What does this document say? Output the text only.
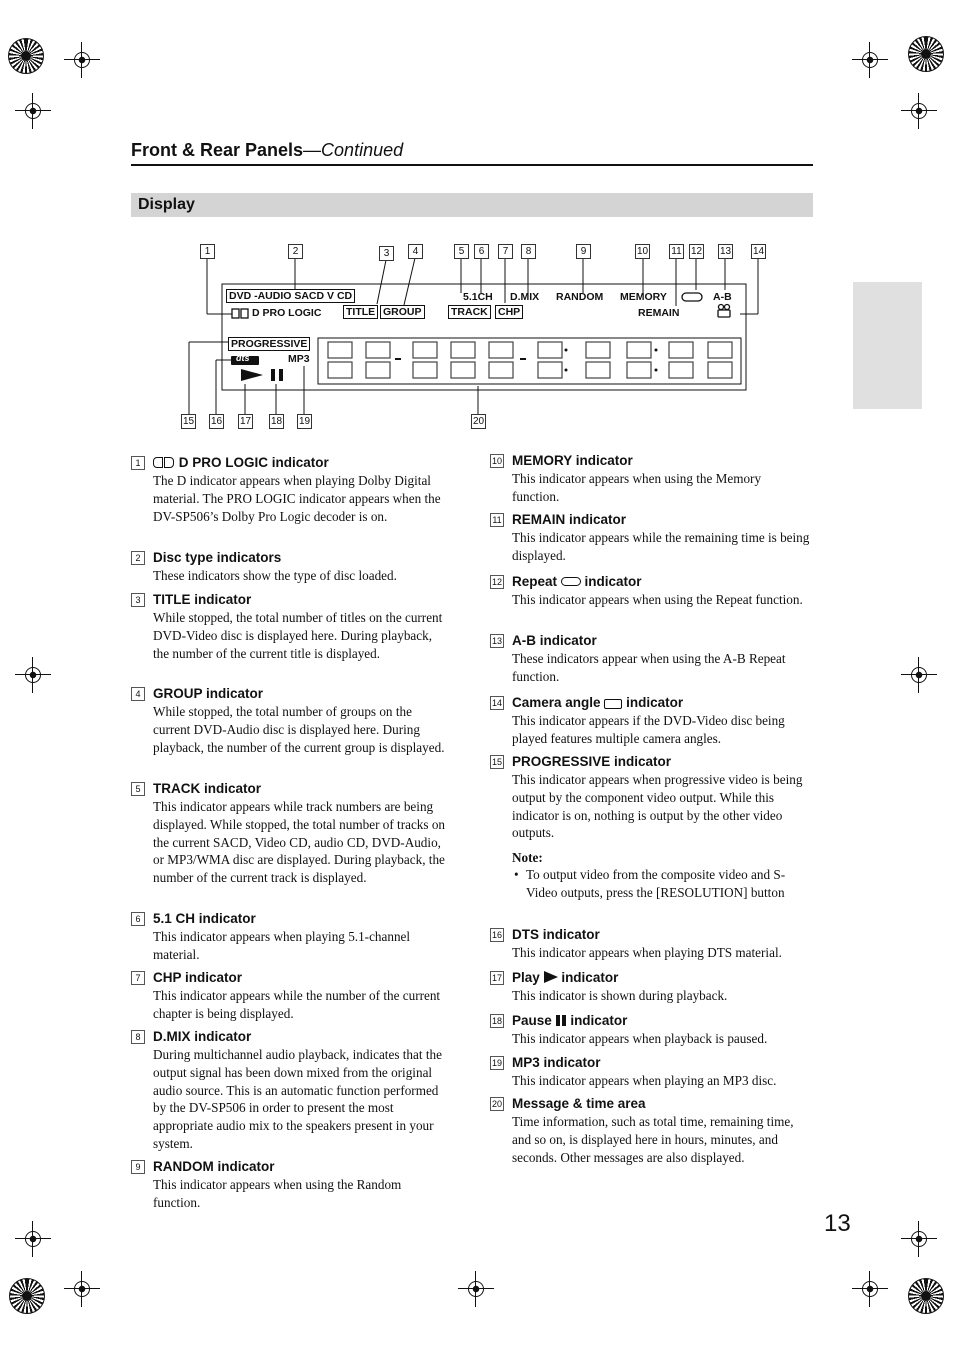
Front & Rear Panels—Continued
Display
1	2	3	4	5	6	7	8	9	10 11 12 13 14
15 16 17 18 19	20
DVD -AUDIO SACD V CD
D PRO LOGIC TITLE GROUP
5.1CH
TRACK
D.MIX
CHP
RANDOM MEMORY	A-B
REMAIN
PROGRESSIVE
dts	MP3
1	D PRO LOGIC indicator
The D indicator appears when playing Dolby Digital material. The PRO LOGIC indicator appears when the DV-SP506’s Dolby Pro Logic decoder is on.
2 Disc type indicators
These indicators show the type of disc loaded.
3 TITLE indicator
While stopped, the total number of titles on the current DVD-Video disc is displayed here. During playback, the number of the current title is displayed.
4 GROUP indicator
While stopped, the total number of groups on the current DVD-Audio disc is displayed here. During playback, the number of the current group is displayed.
5 TRACK indicator
This indicator appears while track numbers are being displayed. While stopped, the total number of tracks on the current SACD, Video CD, audio CD, DVD-Audio, or MP3/WMA disc are displayed. During playback, the number of the current track is displayed.
6 5.1 CH indicator
This indicator appears when playing 5.1-channel material.
7 CHP indicator
This indicator appears while the number of the current chapter is being displayed.
8 D.MIX indicator
During multichannel audio playback, indicates that the output signal has been down mixed from the original audio source. This is an automatic function performed by the DV-SP506 in order to present the most appropriate audio mix to the speakers present in your system.
9 RANDOM indicator
This indicator appears when using the Random function.
10 MEMORY indicator
This indicator appears when using the Memory function.
11 REMAIN indicator
This indicator appears while the remaining time is being displayed.
12 Repeat indicator
This indicator appears when using the Repeat function.
13 A-B indicator
These indicators appear when using the A-B Repeat function.
14 Camera angle indicator
This indicator appears if the DVD-Video disc being played features multiple camera angles.
15 PROGRESSIVE indicator
This indicator appears when progressive video is being output by the component video output. While this indicator is on, nothing is output by the other video outputs.
Note:
• To output video from the composite video and S-Video outputs, press the [RESOLUTION] button
16 DTS indicator
This indicator appears when playing DTS material.
17 Play indicator
This indicator is shown during playback.
18 Pause indicator
This indicator appears when playback is paused.
19 MP3 indicator
This indicator appears when playing an MP3 disc.
20 Message & time area
Time information, such as total time, remaining time, and so on, is displayed here in hours, minutes, and seconds. Other messages are also displayed.
13
